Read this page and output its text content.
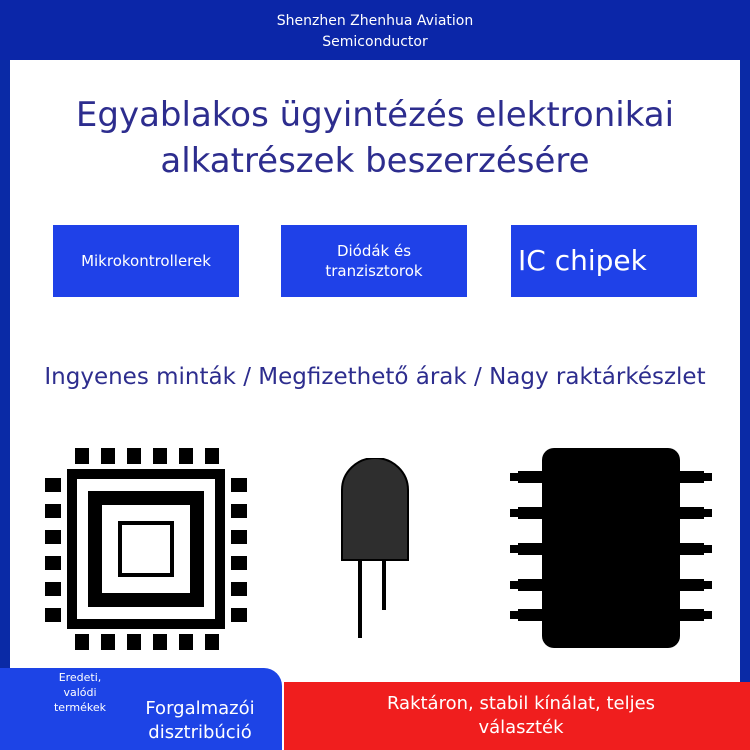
Shenzhen Zhenhua Aviation
Semiconductor
Egyablakos ügyintézés elektronikai
alkatrészek beszerzésére
Mikrokontrollerek
Diódák és
tranzisztorok	IC chipek
Ingyenes minták / Megfizethető árak / Nagy raktárkészlet
Eredeti,
valódi
termékek	Forgalmazói
disztribúció
Raktáron, stabil kínálat, teljes
választék
